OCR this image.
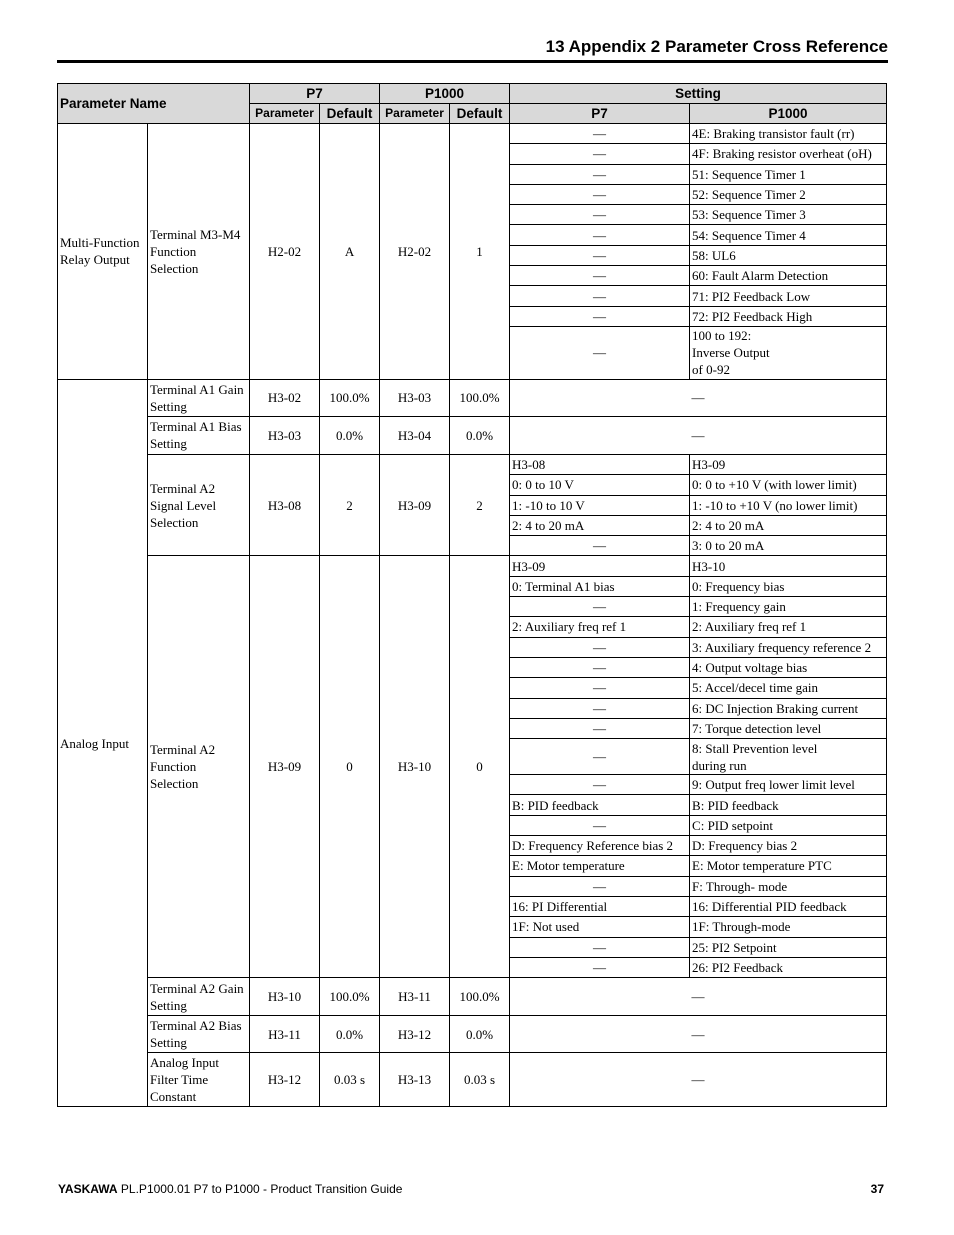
13 Appendix 2 Parameter Cross Reference
Parameter Name		P7		P1000		Setting	
		Parameter	Default	Parameter	Default	P7	P1000
Multi-Function Relay Output	Terminal M3-M4 Function Selection	H2-02	A	H2-02	1	—	4E: Braking transistor fault (rr)
						—	4F: Braking resistor overheat (oH)
						—	51: Sequence Timer 1
						—	52: Sequence Timer 2
						—	53: Sequence Timer 3
						—	54: Sequence Timer 4
						—	58: UL6
						—	60: Fault Alarm Detection
						—	71: PI2 Feedback Low
						—	72: PI2 Feedback High
						—	100 to 192:
Inverse Output
of 0-92
Analog Input	Terminal A1 Gain Setting	H3-02	100.0%	H3-03	100.0%	—	
	Terminal A1 Bias Setting	H3-03	0.0%	H3-04	0.0%	—	
	Terminal A2 Signal Level Selection	H3-08	2	H3-09	2	H3-08	H3-09
						0: 0 to 10 V	0: 0 to +10 V (with lower limit)
						1: -10 to 10 V	1: -10 to +10 V (no lower limit)
						2: 4 to 20 mA	2: 4 to 20 mA
						—	3: 0 to 20 mA
	Terminal A2 Function Selection	H3-09	0	H3-10	0	H3-09	H3-10
						0: Terminal A1 bias	0: Frequency bias
						—	1: Frequency gain
						2: Auxiliary freq ref 1	2: Auxiliary freq ref 1
						—	3: Auxiliary frequency reference 2
						—	4: Output voltage bias
						—	5: Accel/decel time gain
						—	6: DC Injection Braking current
						—	7: Torque detection level
						—	8: Stall Prevention level
during run
						—	9: Output freq lower limit level
						B: PID feedback	B: PID feedback
						—	C: PID setpoint
						D: Frequency Reference bias 2	D: Frequency bias 2
						E: Motor temperature	E: Motor temperature PTC
						—	F: Through- mode
						16: PI Differential	16: Differential PID feedback
						1F: Not used	1F: Through-mode
						—	25: PI2 Setpoint
						—	26: PI2 Feedback
	Terminal A2 Gain Setting	H3-10	100.0%	H3-11	100.0%	—	
	Terminal A2 Bias Setting	H3-11	0.0%	H3-12	0.0%	—	
	Analog Input Filter Time Constant	H3-12	0.03 s	H3-13	0.03 s	—	
YASKAWA PL.P1000.01 P7 to P1000 - Product Transition Guide	37
